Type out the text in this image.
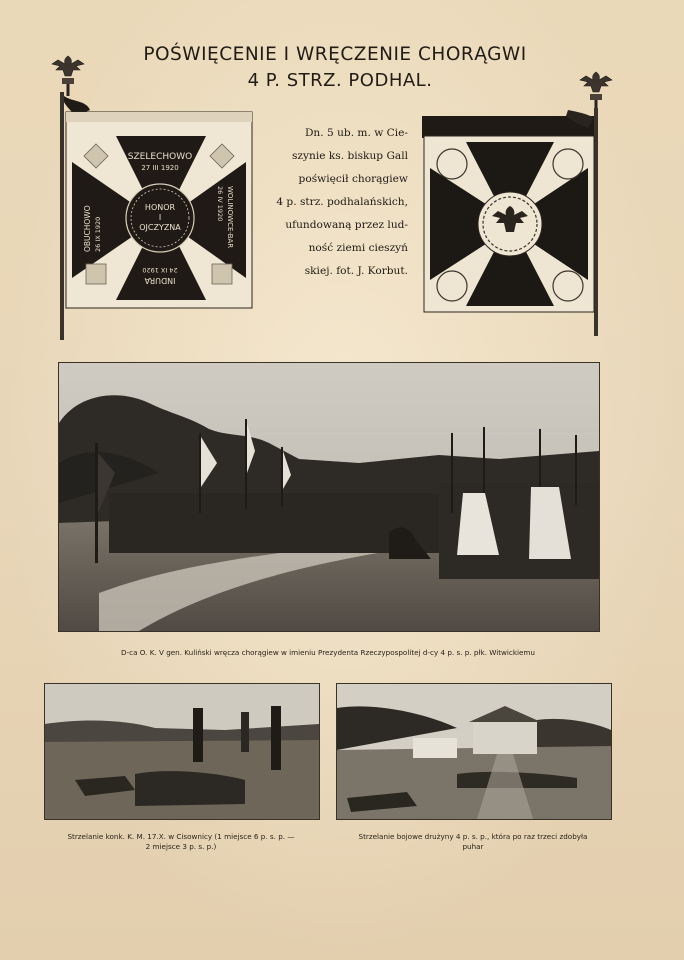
POŚWIĘCENIE I WRĘCZENIE CHORĄGWI
4 P. STRZ. PODHAL.
SZELECHOWO
27 III 1920
HONOR
I
OJCZYZNA
OBUCHOWO 26 IX 1920	WOLINOWCE-BAR
26 IV 1920
INDURA
24 IX 1920
Dn. 5 ub. m. w Cie-
szynie ks. biskup Gall
poświęcił chorągiew
4 p. strz. podhalańskich,
ufundowaną przez lud-
ność ziemi cieszyń
skiej. fot. J. Korbut.
D-ca O. K. V gen. Kuliński wręcza chorągiew w imieniu Prezydenta Rzeczypospolitej d-cy 4 p. s. p. płk. Witwickiemu
Strzelanie konk. K. M. 17.X. w Cisownicy (1 miejsce 6 p. s. p. —
2 miejsce 3 p. s. p.)
Strzelanie bojowe drużyny 4 p. s. p., która po raz trzeci zdobyła
puhar
